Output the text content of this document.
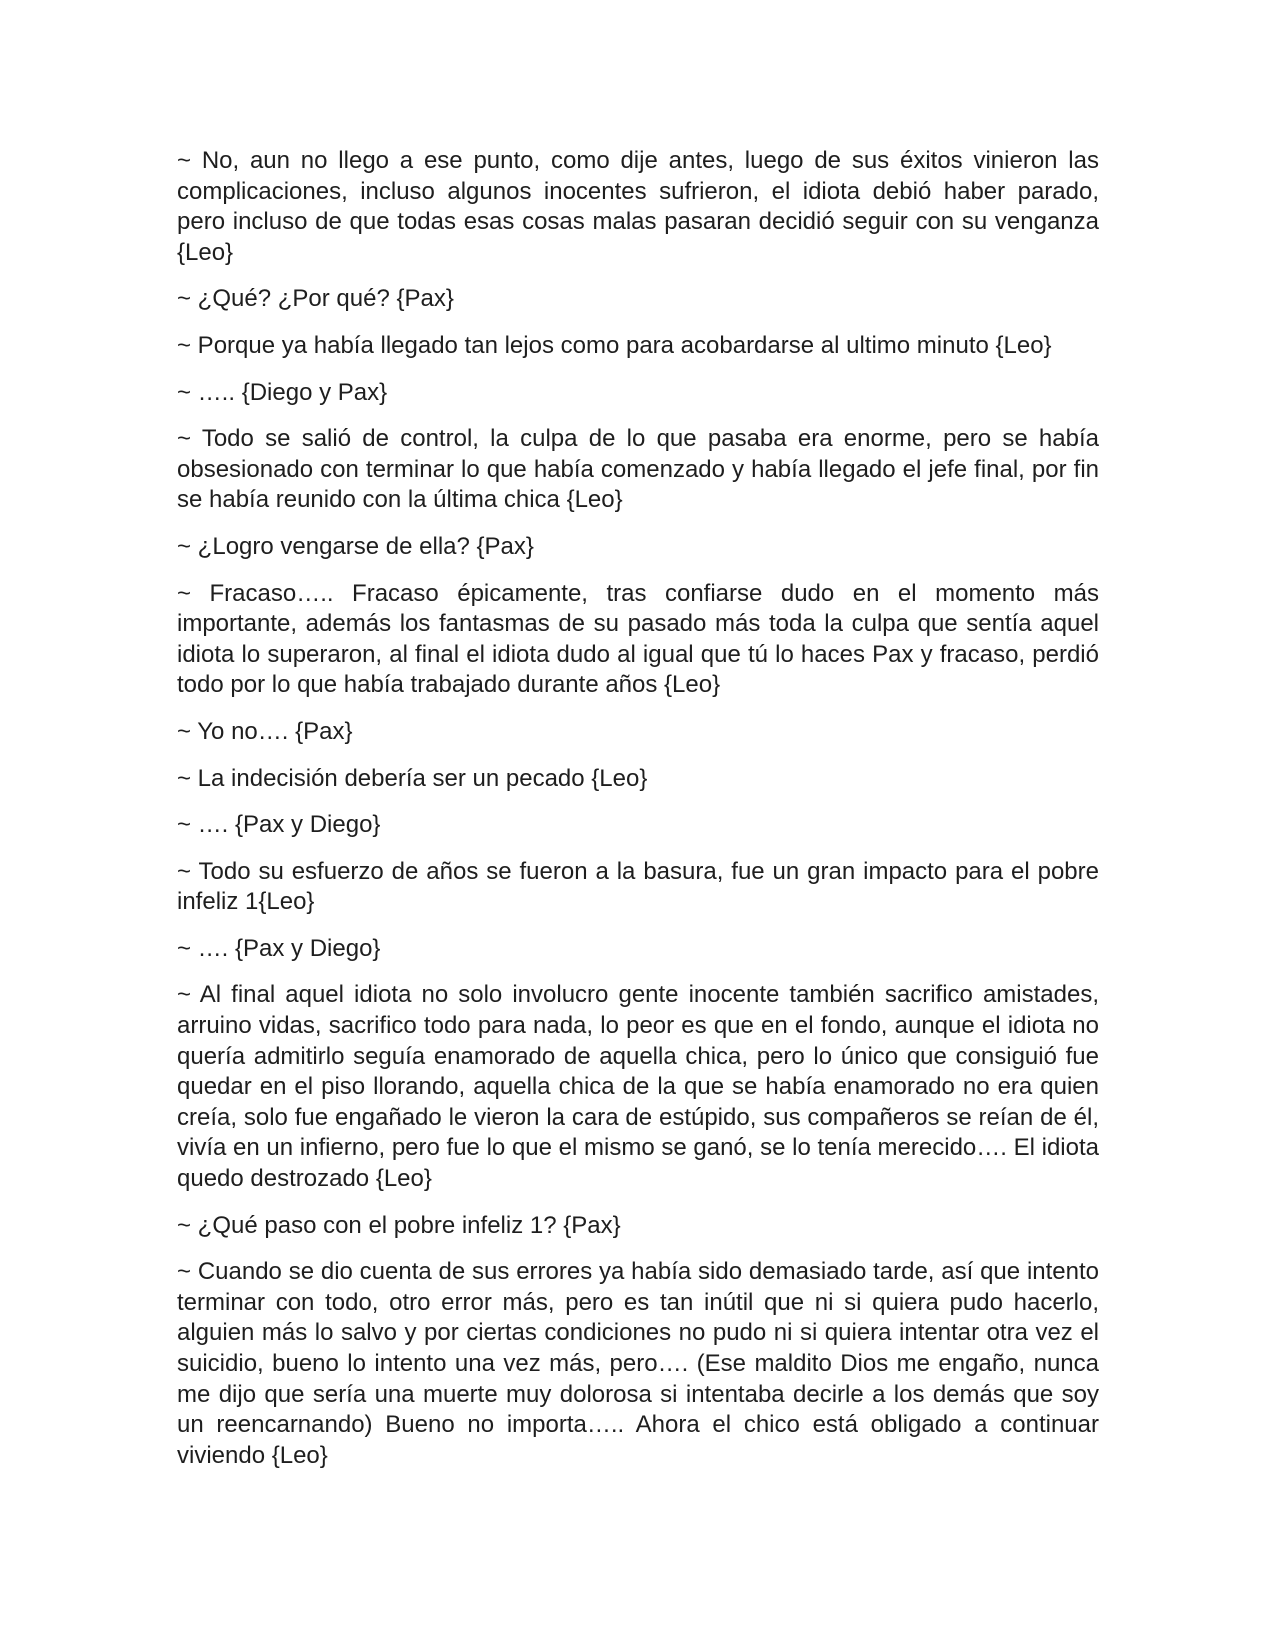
~ No, aun no llego a ese punto, como dije antes, luego de sus éxitos vinieron las complicaciones, incluso algunos inocentes sufrieron, el idiota debió haber parado, pero incluso de que todas esas cosas malas pasaran decidió seguir con su venganza {Leo}

~ ¿Qué? ¿Por qué? {Pax}

~ Porque ya había llegado tan lejos como para acobardarse al ultimo minuto {Leo}

~ ….. {Diego y Pax}

~ Todo se salió de control, la culpa de lo que pasaba era enorme, pero se había obsesionado con terminar lo que había comenzado y había llegado el jefe final, por fin se había reunido con la última chica {Leo}

~ ¿Logro vengarse de ella? {Pax}

~ Fracaso….. Fracaso épicamente, tras confiarse dudo en el momento más importante, además los fantasmas de su pasado más toda la culpa que sentía aquel idiota lo superaron, al final el idiota dudo al igual que tú lo haces Pax y fracaso, perdió todo por lo que había trabajado durante años {Leo}

~ Yo no…. {Pax}

~ La indecisión debería ser un pecado {Leo}

~ …. {Pax y Diego}

~ Todo su esfuerzo de años se fueron a la basura, fue un gran impacto para el pobre infeliz 1{Leo}

~ …. {Pax y Diego}

~ Al final aquel idiota no solo involucro gente inocente también sacrifico amistades, arruino vidas, sacrifico todo para nada, lo peor es que en el fondo, aunque el idiota no quería admitirlo seguía enamorado de aquella chica, pero lo único que consiguió fue quedar en el piso llorando, aquella chica de la que se había enamorado no era quien creía, solo fue engañado le vieron la cara de estúpido, sus compañeros se reían de él, vivía en un infierno, pero fue lo que el mismo se ganó, se lo tenía merecido…. El idiota quedo destrozado {Leo}

~ ¿Qué paso con el pobre infeliz 1? {Pax}

~ Cuando se dio cuenta de sus errores ya había sido demasiado tarde, así que intento terminar con todo, otro error más, pero es tan inútil que ni si quiera pudo hacerlo, alguien más lo salvo y por ciertas condiciones no pudo ni si quiera intentar otra vez el suicidio, bueno lo intento una vez más, pero…. (Ese maldito Dios me engaño, nunca me dijo que sería una muerte muy dolorosa si intentaba decirle a los demás que soy un reencarnando) Bueno no importa….. Ahora el chico está obligado a continuar viviendo {Leo}
